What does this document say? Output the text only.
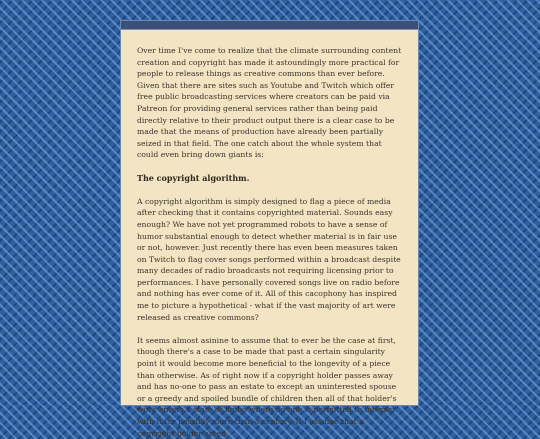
Over time I've come to realize that the climate surrounding content creation and copyright has made it astoundingly more practical for people to release things as creative commons than ever before. Given that there are sites such as Youtube and Twitch which offer free public broadcasting services where creators can be paid via Patreon for providing general services rather than being paid directly relative to their product output there is a clear case to be made that the means of production have already been partially seized in that field. The one catch about the whole system that could even bring down giants is:

The copyright algorithm.

A copyright algorithm is simply designed to flag a piece of media after checking that it contains copyrighted material. Sounds easy enough? We have not yet programmed robots to have a sense of humor substantial enough to detect whether material is in fair use or not, however. Just recently there has even been measures taken on Twitch to flag cover songs performed within a broadcast despite many decades of radio broadcasts not requiring licensing prior to performances. I have personally covered songs live on radio before and nothing has ever come of it. All of this cacophony has inspired me to picture a hypothetical - what if the vast majority of art were released as creative commons?

It seems almost asinine to assume that to ever be the case at first, though there's a case to be made that past a certain singularity point it would become more beneficial to the longevity of a piece than otherwise. As of right now if a copyright holder passes away and has no-one to pass an estate to except an uninterested spouse or a greedy and spoiled bundle of children then all of that holder's work enters a state of limbo where no-one is permitted to interact with it for possibly more than a century. If I assume that a copyright holder acted
